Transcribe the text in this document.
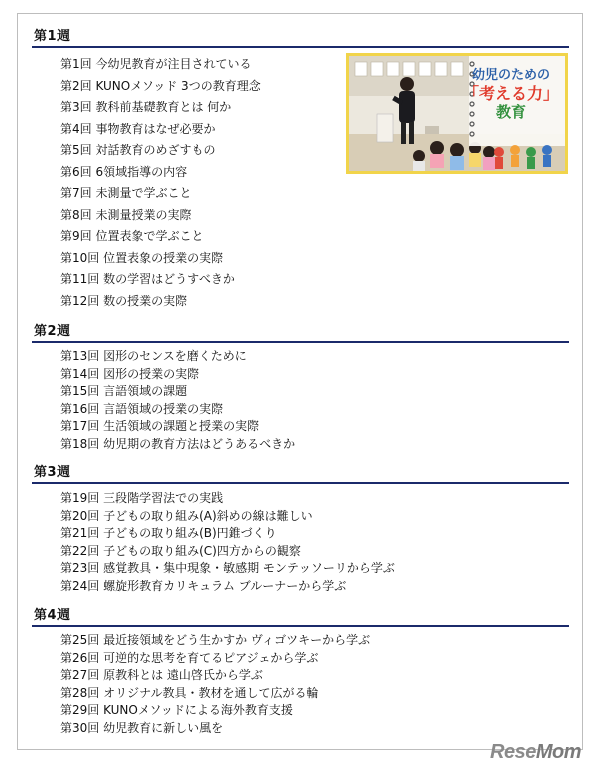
第1週
第1回 今幼児教育が注目されている
第2回 KUNOメソッド 3つの教育理念
第3回 教科前基礎教育とは 何か
第4回 事物教育はなぜ必要か
第5回 対話教育のめざすもの
第6回 6領域指導の内容
第7回 未測量で学ぶこと
第8回 未測量授業の実際
第9回 位置表象で学ぶこと
第10回 位置表象の授業の実際
第11回 数の学習はどうすべきか
第12回 数の授業の実際
幼児のための
「考える力」
教育
第2週
第13回 図形のセンスを磨くために
第14回 図形の授業の実際
第15回 言語領域の課題
第16回 言語領域の授業の実際
第17回 生活領域の課題と授業の実際
第18回 幼児期の教育方法はどうあるべきか
第3週
第19回 三段階学習法での実践
第20回 子どもの取り組み(A)斜めの線は難しい
第21回 子どもの取り組み(B)円錐づくり
第22回 子どもの取り組み(C)四方からの観察
第23回 感覚教具・集中現象・敏感期 モンテッソーリから学ぶ
第24回 螺旋形教育カリキュラム ブルーナーから学ぶ
第4週
第25回 最近接領域をどう生かすか ヴィゴツキーから学ぶ
第26回 可逆的な思考を育てるピアジェから学ぶ
第27回 原教科とは 遠山啓氏から学ぶ
第28回 オリジナル教具・教材を通して広がる輪
第29回 KUNOメソッドによる海外教育支援
第30回 幼児教育に新しい風を
ReseMom
